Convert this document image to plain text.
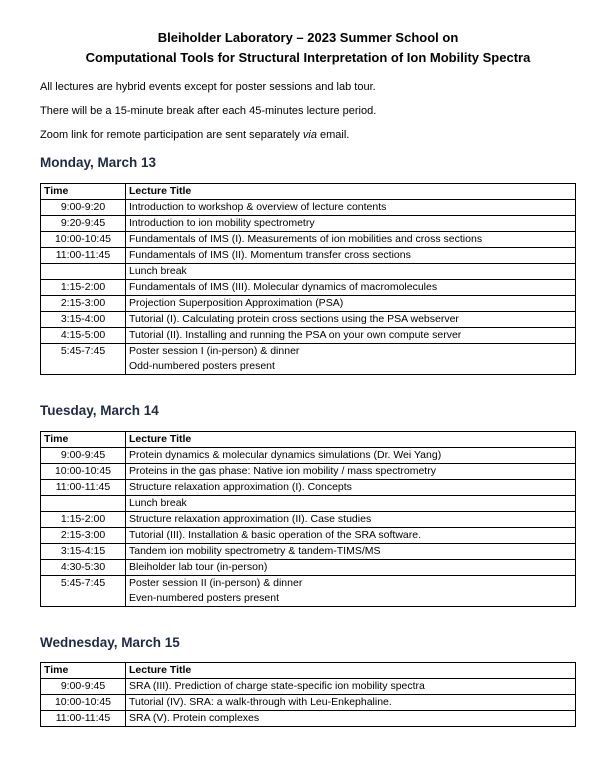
Bleiholder Laboratory – 2023 Summer School on
Computational Tools for Structural Interpretation of Ion Mobility Spectra
All lectures are hybrid events except for poster sessions and lab tour.
There will be a 15-minute break after each 45-minutes lecture period.
Zoom link for remote participation are sent separately via email.
Monday, March 13
Time	Lecture Title
9:00-9:20	Introduction to workshop & overview of lecture contents
9:20-9:45	Introduction to ion mobility spectrometry
10:00-10:45	Fundamentals of IMS (I). Measurements of ion mobilities and cross sections
11:00-11:45	Fundamentals of IMS (II). Momentum transfer cross sections
	Lunch break
1:15-2:00	Fundamentals of IMS (III). Molecular dynamics of macromolecules
2:15-3:00	Projection Superposition Approximation (PSA)
3:15-4:00	Tutorial (I). Calculating protein cross sections using the PSA webserver
4:15-5:00	Tutorial (II). Installing and running the PSA on your own compute server
5:45-7:45	Poster session I (in-person) & dinner
Odd-numbered posters present
Tuesday, March 14
Time	Lecture Title
9:00-9:45	Protein dynamics & molecular dynamics simulations (Dr. Wei Yang)
10:00-10:45	Proteins in the gas phase: Native ion mobility / mass spectrometry
11:00-11:45	Structure relaxation approximation (I). Concepts
	Lunch break
1:15-2:00	Structure relaxation approximation (II). Case studies
2:15-3:00	Tutorial (III). Installation & basic operation of the SRA software.
3:15-4:15	Tandem ion mobility spectrometry & tandem-TIMS/MS
4:30-5:30	Bleiholder lab tour (in-person)
5:45-7:45	Poster session II (in-person) & dinner
Even-numbered posters present
Wednesday, March 15
Time	Lecture Title
9:00-9:45	SRA (III). Prediction of charge state-specific ion mobility spectra
10:00-10:45	Tutorial (IV). SRA: a walk-through with Leu-Enkephaline.
11:00-11:45	SRA (V). Protein complexes
